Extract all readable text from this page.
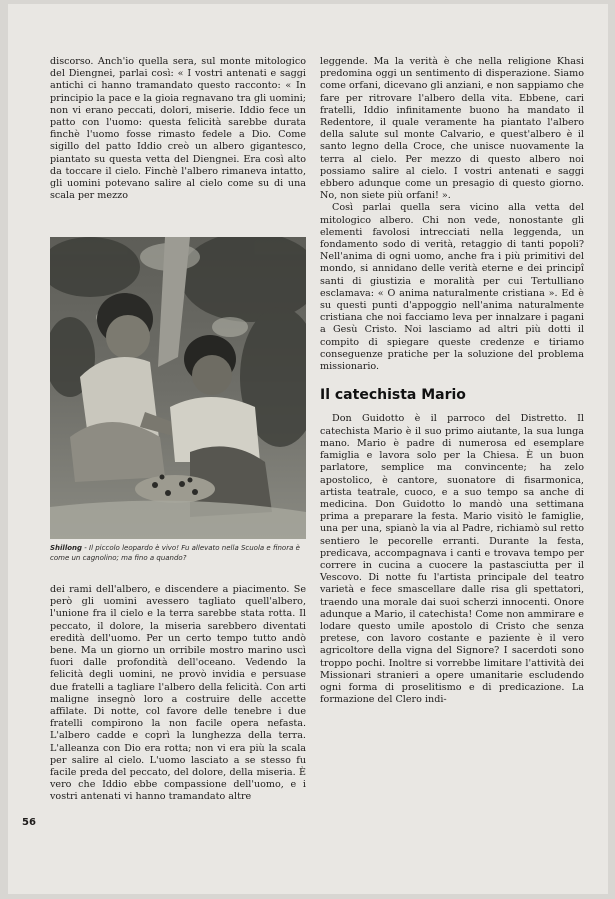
discorso. Anch'io quella sera, sul monte mitologico del Diengnei, parlai così: « I vostri antenati e saggi antichi ci hanno tramandato questo racconto: « In principio la pace e la gioia regnavano tra gli uomini; non vi erano peccati, dolori, miserie. Iddio fece un patto con l'uomo: questa felicità sarebbe durata finchè l'uomo fosse rimasto fedele a Dio. Come sigillo del patto Iddio creò un albero gigantesco, piantato su questa vetta del Diengnei. Era così alto da toccare il cielo. Finchè l'albero rimaneva intatto, gli uomini potevano salire al cielo come su di una scala per mezzo

Shillong - Il piccolo leopardo è vivo! Fu allevato nella Scuola e finora è come un cagnolino; ma fino a quando?

dei rami dell'albero, e discendere a piacimento. Se però gli uomini avessero tagliato quell'albero, l'unione fra il cielo e la terra sarebbe stata rotta. Il peccato, il dolore, la miseria sarebbero diventati eredità dell'uomo. Per un certo tempo tutto andò bene. Ma un giorno un orribile mostro marino uscì fuori dalle profondità dell'oceano. Vedendo la felicità degli uomini, ne provò invidia e persuase due fratelli a tagliare l'albero della felicità. Con arti maligne insegnò loro a costruire delle accette affilate. Di notte, col favore delle tenebre i due fratelli compirono la non facile opera nefasta. L'albero cadde e coprì la lunghezza della terra. L'alleanza con Dio era rotta; non vi era più la scala per salire al cielo. L'uomo lasciato a se stesso fu facile preda del peccato, del dolore, della miseria. È vero che Iddio ebbe compassione dell'uomo, e i vostri antenati vi hanno tramandato altre

leggende. Ma la verità è che nella religione Khasi predomina oggi un sentimento di disperazione. Siamo come orfani, dicevano gli anziani, e non sappiamo che fare per ritrovare l'albero della vita. Ebbene, cari fratelli, Iddio infinitamente buono ha mandato il Redentore, il quale veramente ha piantato l'albero della salute sul monte Calvario, e quest'albero è il santo legno della Croce, che unisce nuovamente la terra al cielo. Per mezzo di questo albero noi possiamo salire al cielo. I vostri antenati e saggi ebbero adunque come un presagio di questo giorno. No, non siete più orfani! ».

Così parlai quella sera vicino alla vetta del mitologico albero. Chi non vede, nonostante gli elementi favolosi intrecciati nella leggenda, un fondamento sodo di verità, retaggio di tanti popoli? Nell'anima di ogni uomo, anche fra i più primitivi del mondo, si annidano delle verità eterne e dei principî santi di giustizia e moralità per cui Tertulliano esclamava: « O anima naturalmente cristiana ». Ed è su questi punti d'appoggio nell'anima naturalmente cristiana che noi facciamo leva per innalzare i pagani a Gesù Cristo. Noi lasciamo ad altri più dotti il compito di spiegare queste credenze e tiriamo conseguenze pratiche per la soluzione del problema missionario.

Il catechista Mario

Don Guidotto è il parroco del Distretto. Il catechista Mario è il suo primo aiutante, la sua lunga mano. Mario è padre di numerosa ed esemplare famiglia e lavora solo per la Chiesa. È un buon parlatore, semplice ma convincente; ha zelo apostolico, è cantore, suonatore di fisarmonica, artista teatrale, cuoco, e a suo tempo sa anche di medicina. Don Guidotto lo mandò una settimana prima a preparare la festa. Mario visitò le famiglie, una per una, spianò la via al Padre, richiamò sul retto sentiero le pecorelle erranti. Durante la festa, predicava, accompagnava i canti e trovava tempo per correre in cucina a cuocere la pastasciutta per il Vescovo. Di notte fu l'artista principale del teatro varietà e fece smascellare dalle risa gli spettatori, traendo una morale dai suoi scherzi innocenti. Onore adunque a Mario, il catechista! Come non ammirare e lodare questo umile apostolo di Cristo che senza pretese, con lavoro costante e paziente è il vero agricoltore della vigna del Signore? I sacerdoti sono troppo pochi. Inoltre si vorrebbe limitare l'attività dei Missionari stranieri a opere umanitarie escludendo ogni forma di proselitismo e di predicazione. La formazione del Clero indi-

56
